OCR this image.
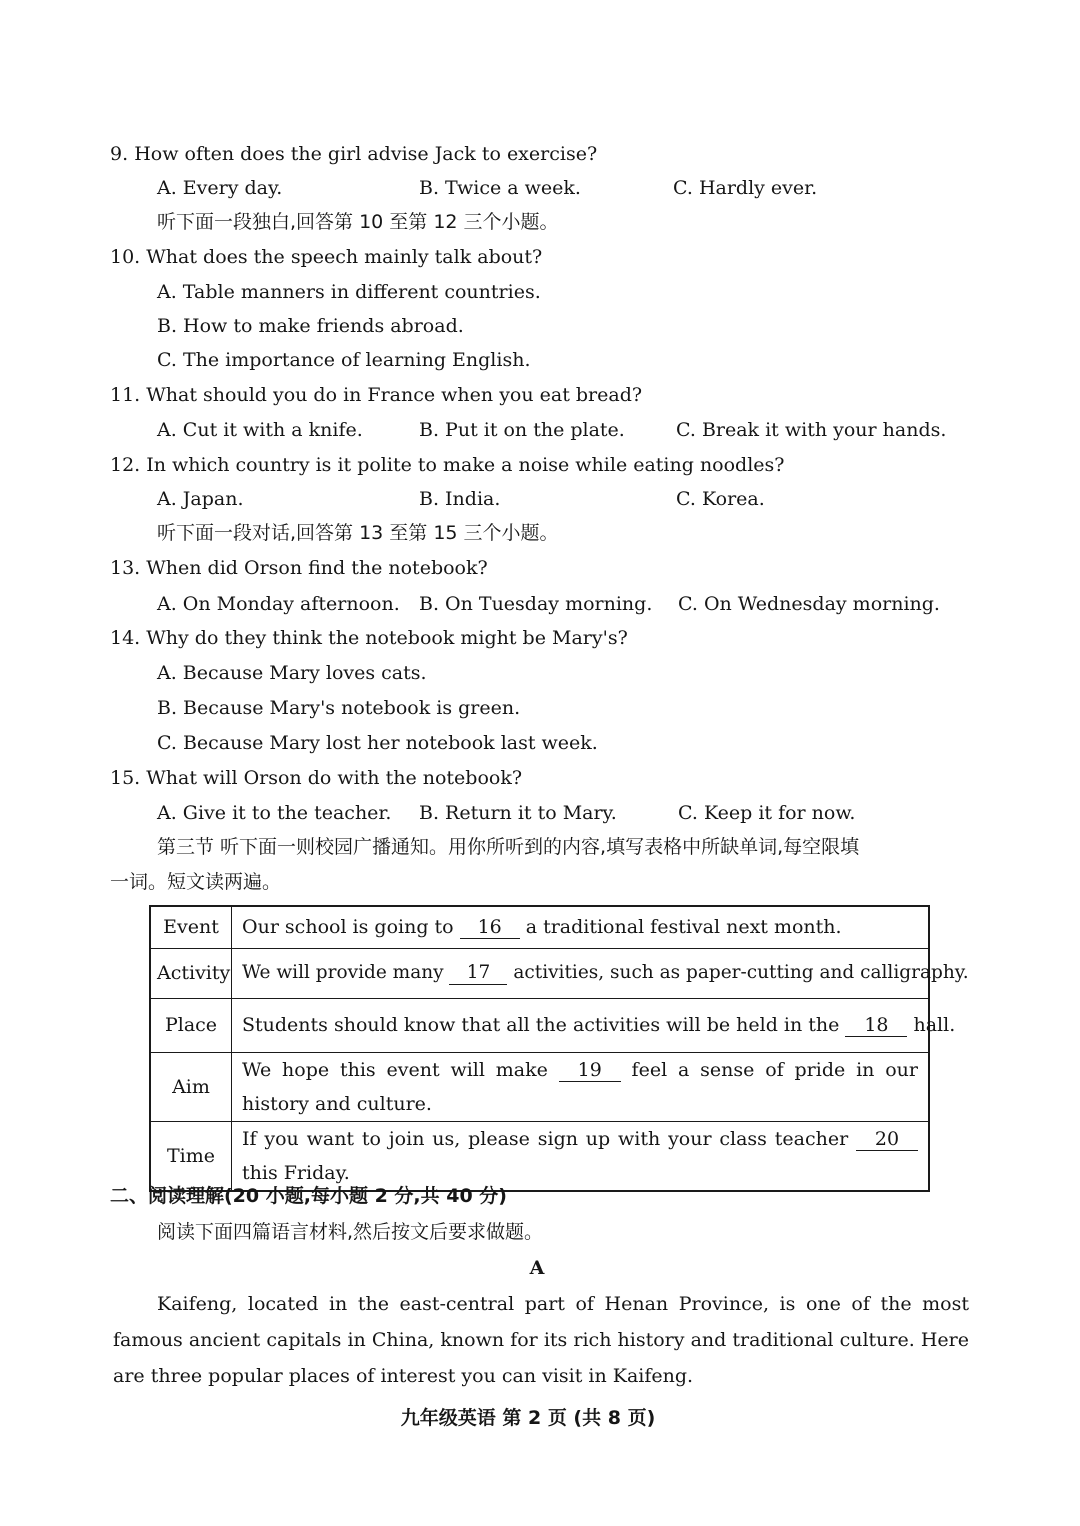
9. How often does the girl advise Jack to exercise?
A. Every day.	B. Twice a week.	C. Hardly ever.
听下面一段独白,回答第 10 至第 12 三个小题。
10. What does the speech mainly talk about?
A. Table manners in different countries.
B. How to make friends abroad.
C. The importance of learning English.
11. What should you do in France when you eat bread?
A. Cut it with a knife.	B. Put it on the plate.	C. Break it with your hands.
12. In which country is it polite to make a noise while eating noodles?
A. Japan.	B. India.	C. Korea.
听下面一段对话,回答第 13 至第 15 三个小题。
13. When did Orson find the notebook?
A. On Monday afternoon. B. On Tuesday morning. C. On Wednesday morning.
14. Why do they think the notebook might be Mary's?
A. Because Mary loves cats.
B. Because Mary's notebook is green.
C. Because Mary lost her notebook last week.
15. What will Orson do with the notebook?
A. Give it to the teacher. B. Return it to Mary.	C. Keep it for now.
第三节 听下面一则校园广播通知。用你所听到的内容,填写表格中所缺单词,每空限填
一词。短文读两遍。
Event	Our school is going to 16 a traditional festival next month.
Activity	We will provide many 17 activities, such as paper-cutting and calligraphy.
Place	Students should know that all the activities will be held in the 18 hall.
Aim	We hope this event will make 19 feel a sense of pride in our history and culture.
Time	If you want to join us, please sign up with your class teacher 20 this Friday.
二、阅读理解(20 小题,每小题 2 分,共 40 分)
阅读下面四篇语言材料,然后按文后要求做题。
A
Kaifeng, located in the east-central part of Henan Province, is one of the most famous ancient capitals in China, known for its rich history and traditional culture. Here are three popular places of interest you can visit in Kaifeng.
九年级英语 第 2 页 (共 8 页)
